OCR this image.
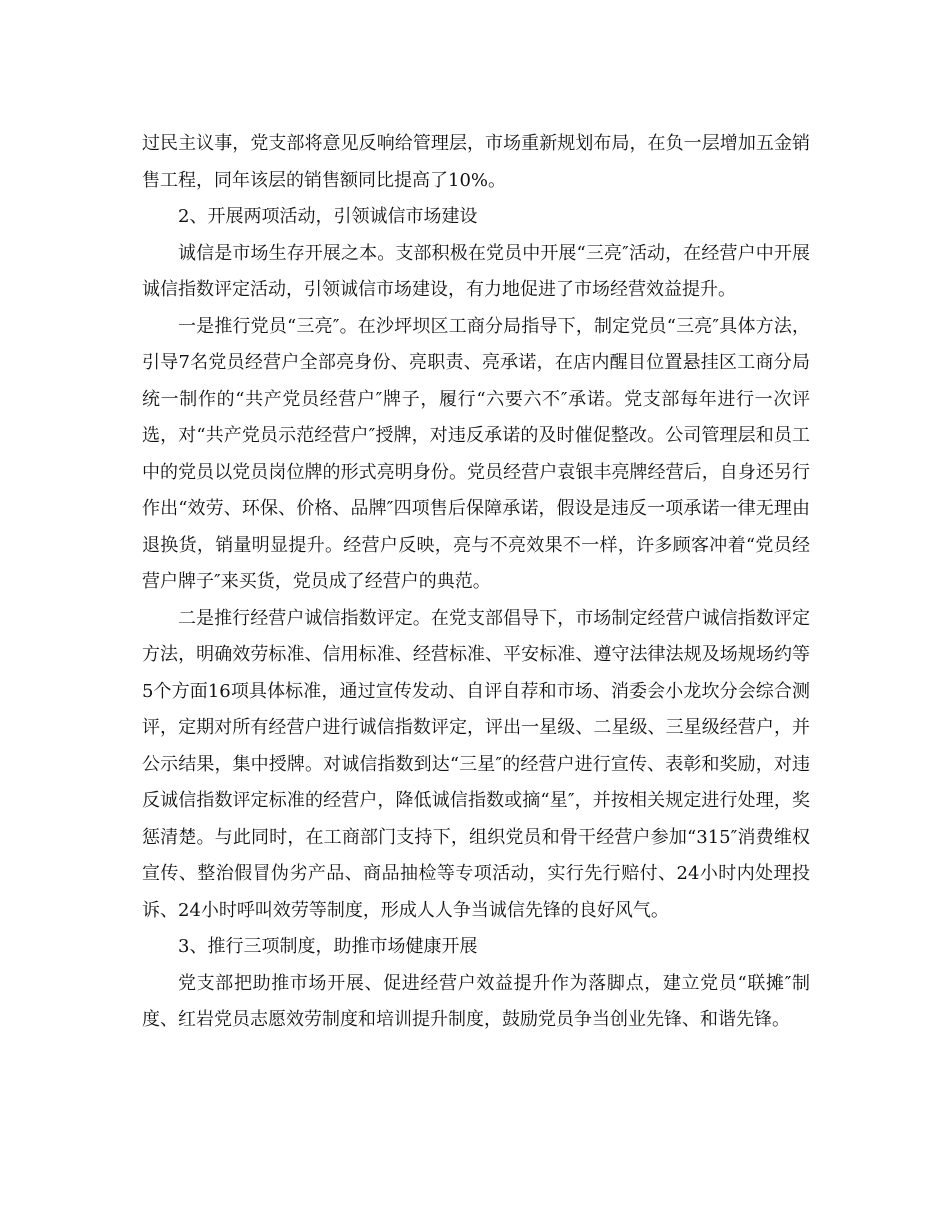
过民主议事，党支部将意见反响给管理层，市场重新规划布局，在负一层增加五金销售工程，同年该层的销售额同比提高了10%。

2、开展两项活动，引领诚信市场建设

诚信是市场生存开展之本。支部积极在党员中开展“三亮″活动，在经营户中开展诚信指数评定活动，引领诚信市场建设，有力地促进了市场经营效益提升。

一是推行党员“三亮″。在沙坪坝区工商分局指导下，制定党员“三亮″具体方法，引导7名党员经营户全部亮身份、亮职责、亮承诺，在店内醒目位置悬挂区工商分局统一制作的“共产党员经营户″牌子，履行“六要六不″承诺。党支部每年进行一次评选，对“共产党员示范经营户″授牌，对违反承诺的及时催促整改。公司管理层和员工中的党员以党员岗位牌的形式亮明身份。党员经营户袁银丰亮牌经营后，自身还另行作出“效劳、环保、价格、品牌″四项售后保障承诺，假设是违反一项承诺一律无理由退换货，销量明显提升。经营户反映，亮与不亮效果不一样，许多顾客冲着“党员经营户牌子″来买货，党员成了经营户的典范。

二是推行经营户诚信指数评定。在党支部倡导下，市场制定经营户诚信指数评定方法，明确效劳标准、信用标准、经营标准、平安标准、遵守法律法规及场规场约等5个方面16项具体标准，通过宣传发动、自评自荐和市场、消委会小龙坎分会综合测评，定期对所有经营户进行诚信指数评定，评出一星级、二星级、三星级经营户，并公示结果，集中授牌。对诚信指数到达“三星″的经营户进行宣传、表彰和奖励，对违反诚信指数评定标准的经营户，降低诚信指数或摘“星″，并按相关规定进行处理，奖惩清楚。与此同时，在工商部门支持下，组织党员和骨干经营户参加“315″消费维权宣传、整治假冒伪劣产品、商品抽检等专项活动，实行先行赔付、24小时内处理投诉、24小时呼叫效劳等制度，形成人人争当诚信先锋的良好风气。

3、推行三项制度，助推市场健康开展

党支部把助推市场开展、促进经营户效益提升作为落脚点，建立党员“联摊″制度、红岩党员志愿效劳制度和培训提升制度，鼓励党员争当创业先锋、和谐先锋。
